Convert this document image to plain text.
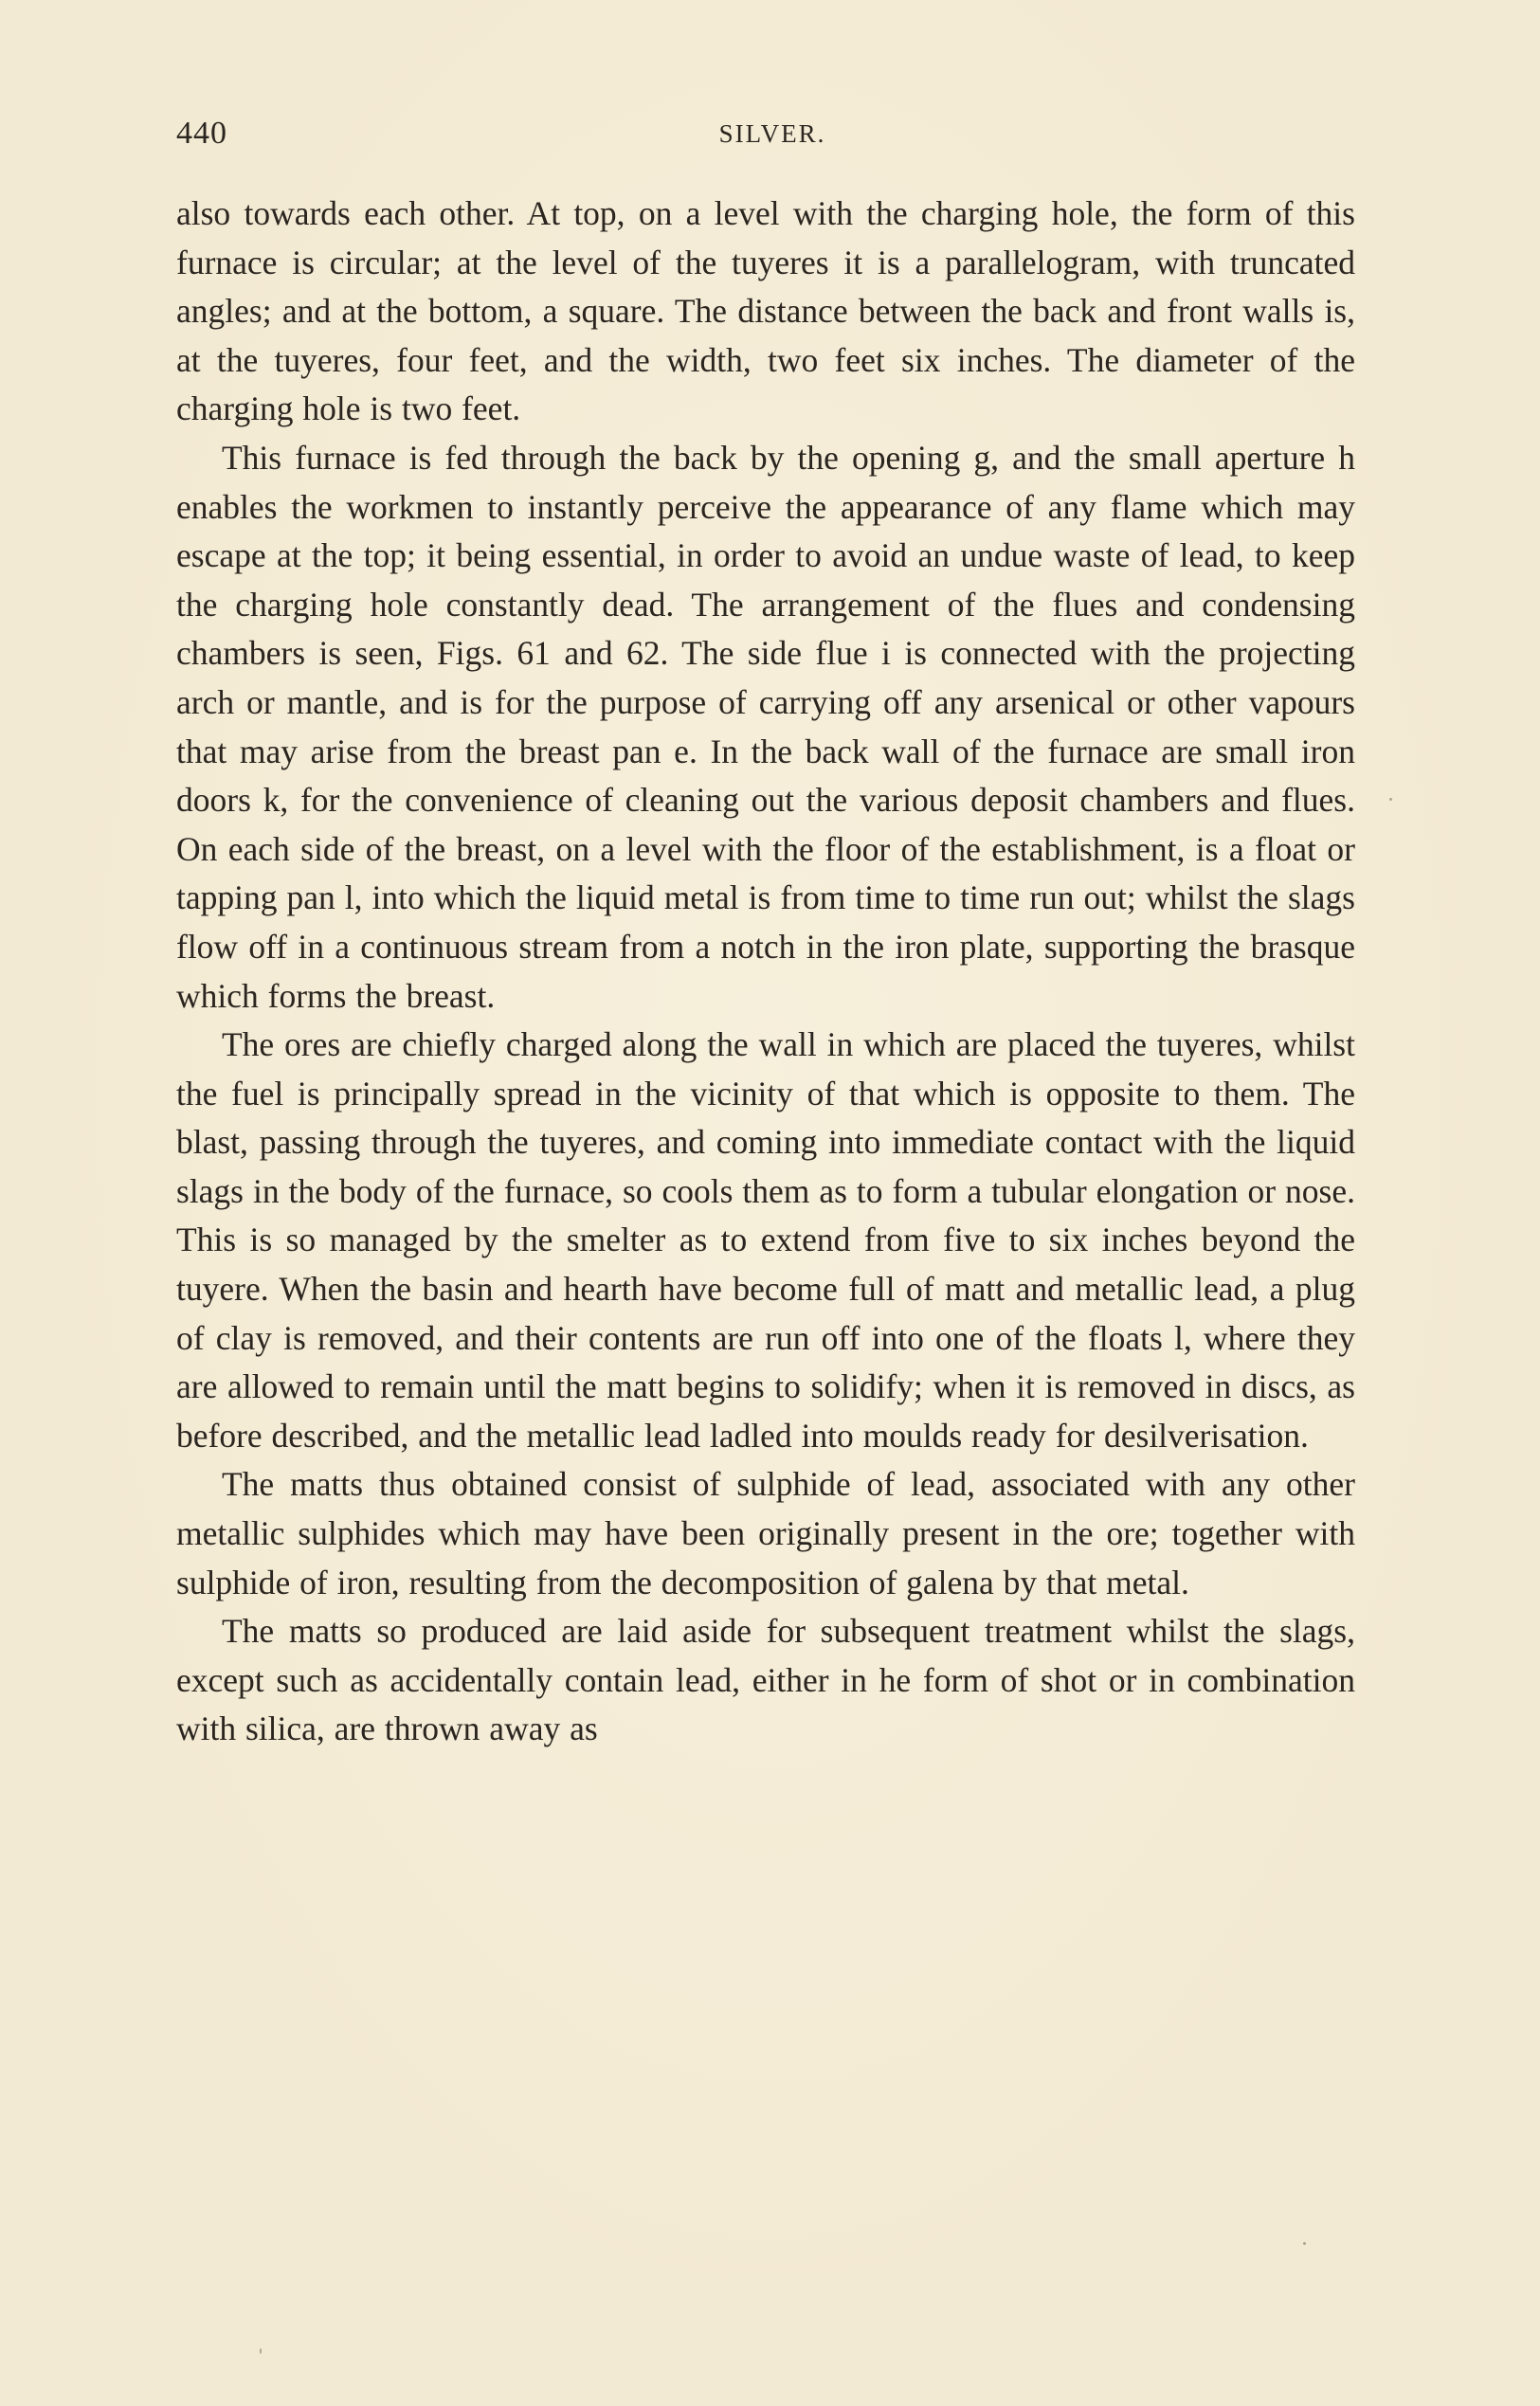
440	SILVER.

also towards each other. At top, on a level with the charging hole, the form of this furnace is circular; at the level of the tuyeres it is a parallelogram, with truncated angles; and at the bottom, a square. The distance between the back and front walls is, at the tuyeres, four feet, and the width, two feet six inches. The diameter of the charging hole is two feet.

This furnace is fed through the back by the opening g, and the small aperture h enables the workmen to instantly perceive the appearance of any flame which may escape at the top; it being essential, in order to avoid an undue waste of lead, to keep the charging hole constantly dead. The arrangement of the flues and condensing chambers is seen, Figs. 61 and 62. The side flue i is connected with the projecting arch or mantle, and is for the purpose of carrying off any arsenical or other vapours that may arise from the breast pan e. In the back wall of the furnace are small iron doors k, for the convenience of cleaning out the various deposit chambers and flues. On each side of the breast, on a level with the floor of the establishment, is a float or tapping pan l, into which the liquid metal is from time to time run out; whilst the slags flow off in a continuous stream from a notch in the iron plate, supporting the brasque which forms the breast.

The ores are chiefly charged along the wall in which are placed the tuyeres, whilst the fuel is principally spread in the vicinity of that which is opposite to them. The blast, passing through the tuyeres, and coming into immediate contact with the liquid slags in the body of the furnace, so cools them as to form a tubular elongation or nose. This is so managed by the smelter as to extend from five to six inches beyond the tuyere. When the basin and hearth have become full of matt and metallic lead, a plug of clay is removed, and their contents are run off into one of the floats l, where they are allowed to remain until the matt begins to solidify; when it is removed in discs, as before described, and the metallic lead ladled into moulds ready for desilverisation.

The matts thus obtained consist of sulphide of lead, associated with any other metallic sulphides which may have been originally present in the ore; together with sulphide of iron, resulting from the decomposition of galena by that metal.

The matts so produced are laid aside for subsequent treatment whilst the slags, except such as accidentally contain lead, either in he form of shot or in combination with silica, are thrown away as
